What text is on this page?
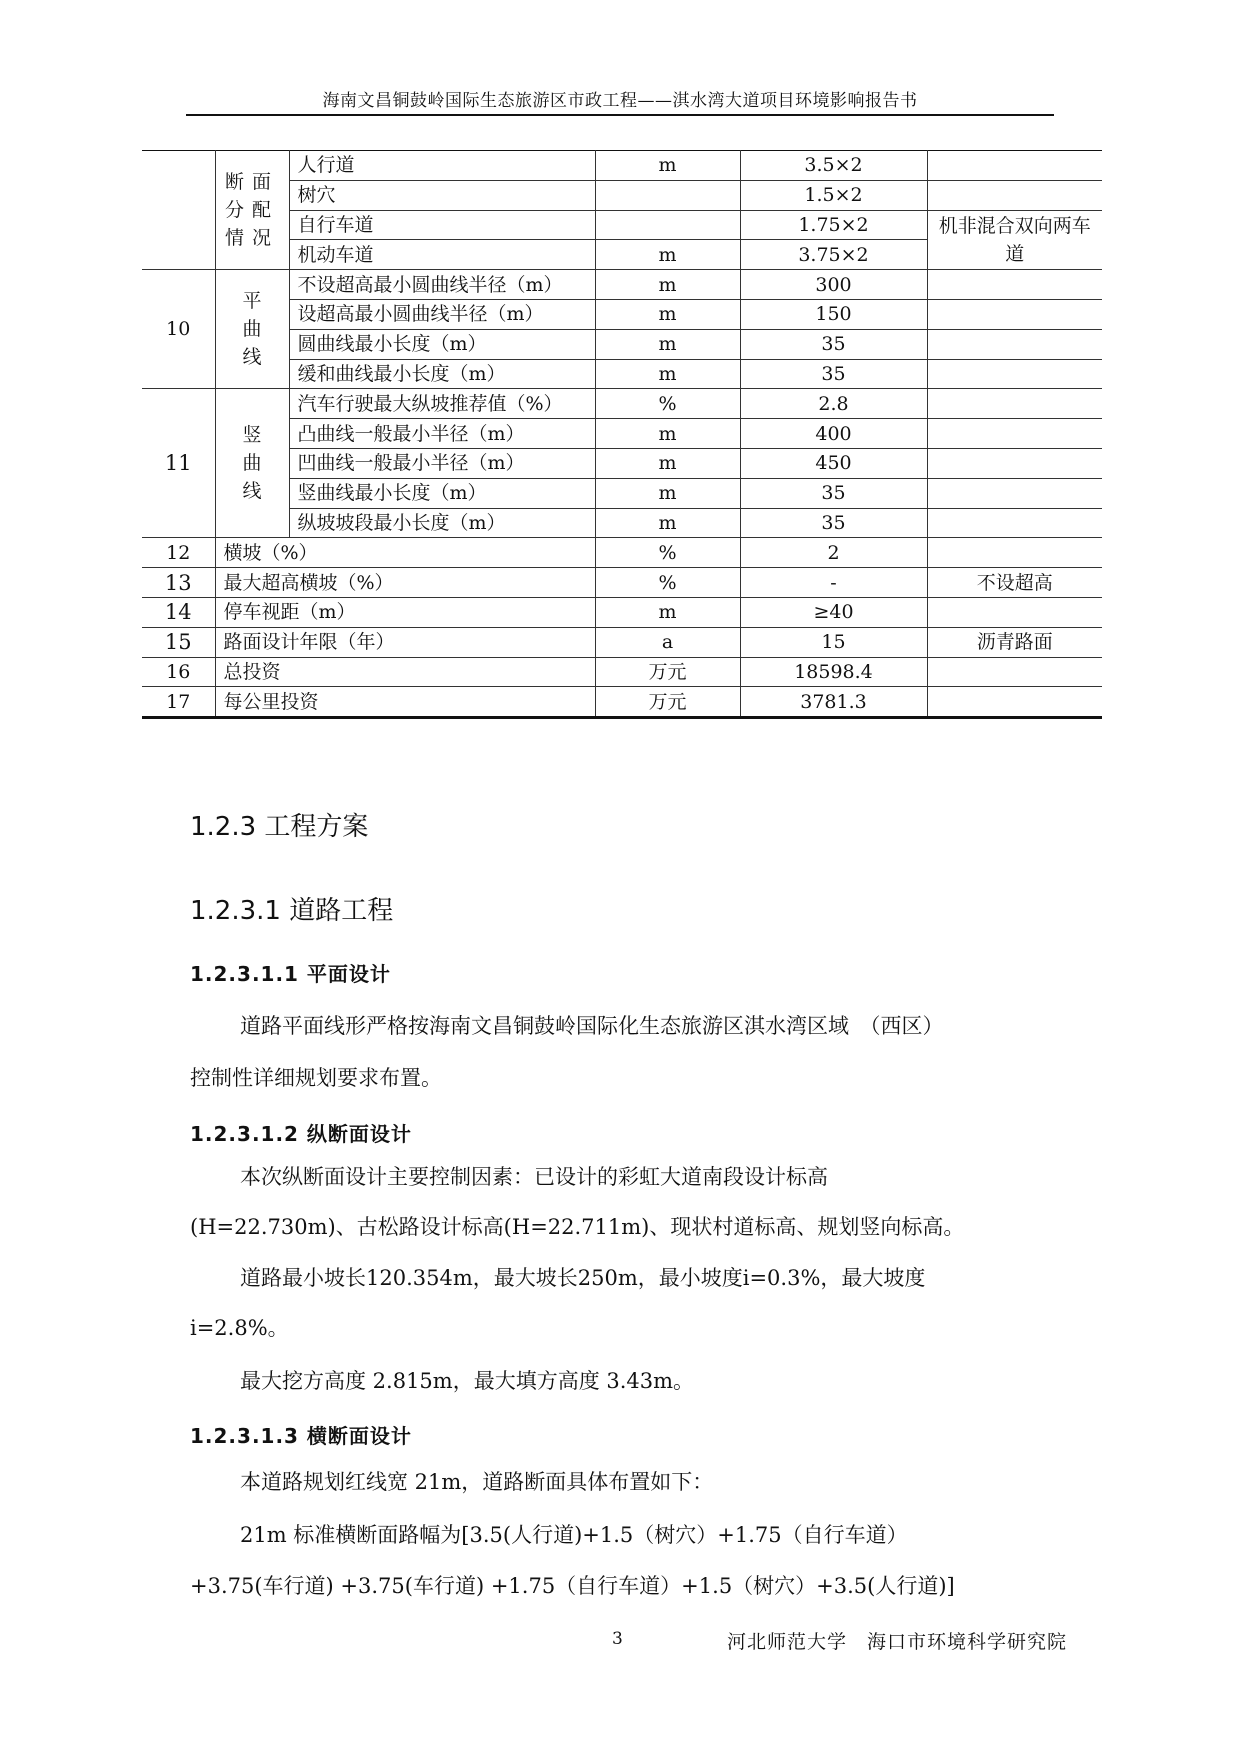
海南文昌铜鼓岭国际生态旅游区市政工程——淇水湾大道项目环境影响报告书
	断面分配情况	人行道	m	3.5×2	
		树穴		1.5×2	
		自行车道		1.75×2	机非混合双向两车道
		机动车道	m	3.75×2	
10	平曲线	不设超高最小圆曲线半径（m）	m	300	
		设超高最小圆曲线半径（m）	m	150	
		圆曲线最小长度（m）	m	35	
		缓和曲线最小长度（m）	m	35	
11	竖曲线	汽车行驶最大纵坡推荐值（%）	%	2.8	
		凸曲线一般最小半径（m）	m	400	
		凹曲线一般最小半径（m）	m	450	
		竖曲线最小长度（m）	m	35	
		纵坡坡段最小长度（m）	m	35	
12	横坡（%）		%	2	
13	最大超高横坡（%）		%	-	不设超高
14	停车视距（m）		m	≥40	
15	路面设计年限（年）		a	15	沥青路面
16	总投资		万元	18598.4	
17	每公里投资		万元	3781.3	
1.2.3 工程方案
1.2.3.1 道路工程
1.2.3.1.1 平面设计
道路平面线形严格按海南文昌铜鼓岭国际化生态旅游区淇水湾区域　（西区）
控制性详细规划要求布置。
1.2.3.1.2 纵断面设计
本次纵断面设计主要控制因素：已设计的彩虹大道南段设计标高
(H=22.730m)、古松路设计标高(H=22.711m)、现状村道标高、规划竖向标高。
道路最小坡长120.354m，最大坡长250m，最小坡度i=0.3%，最大坡度
i=2.8%。
最大挖方高度 2.815m，最大填方高度 3.43m。
1.2.3.1.3 横断面设计
本道路规划红线宽 21m，道路断面具体布置如下：
21m 标准横断面路幅为[3.5(人行道)+1.5（树穴）+1.75（自行车道）
+3.75(车行道) +3.75(车行道) +1.75（自行车道）+1.5（树穴）+3.5(人行道)]
3	河北师范大学　海口市环境科学研究院
